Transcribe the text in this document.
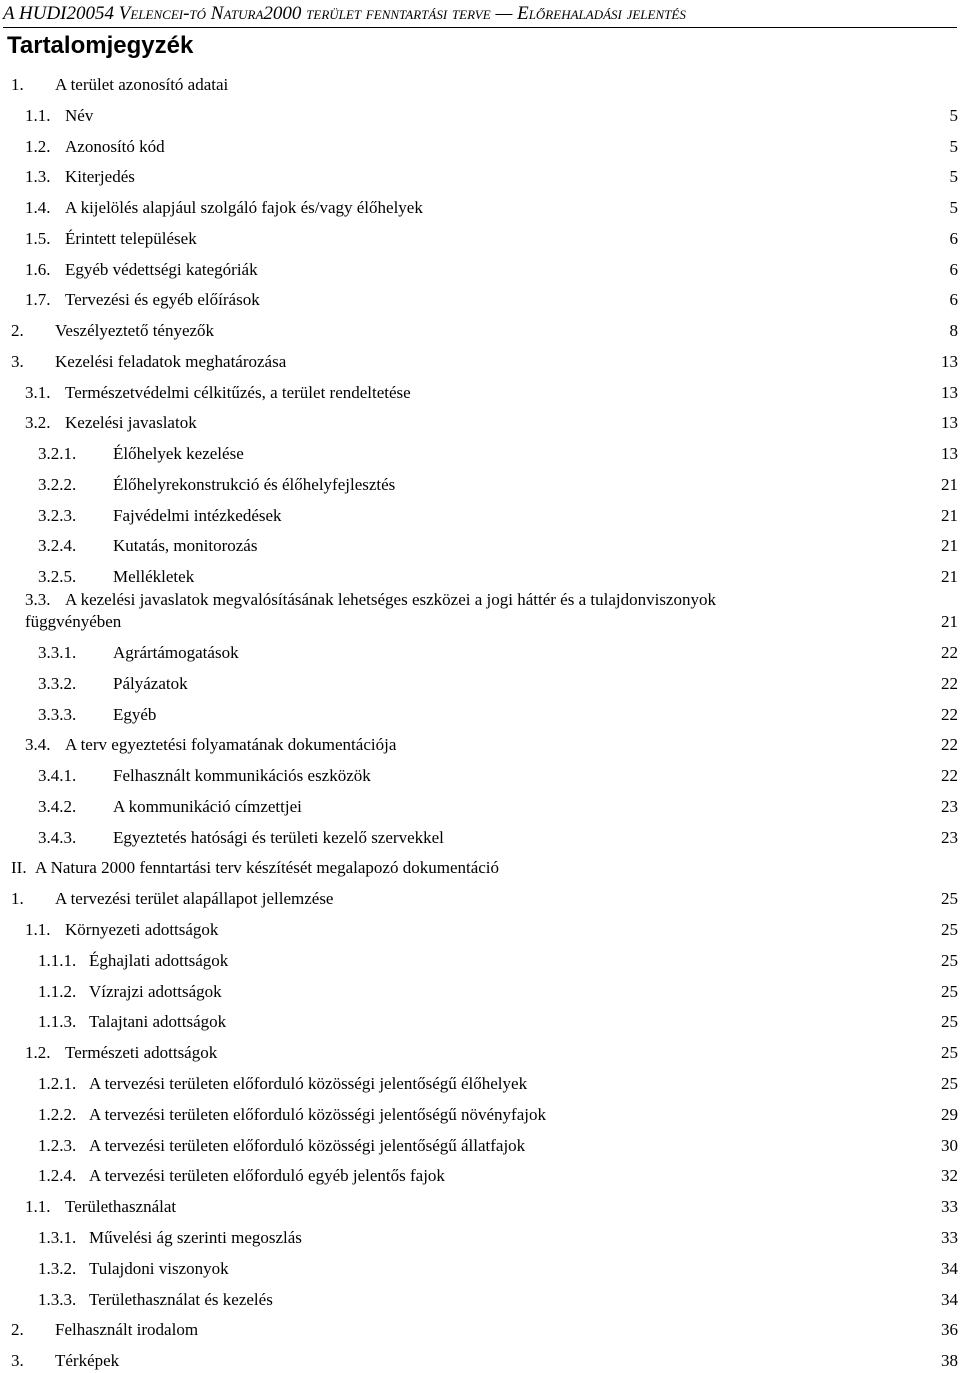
A HUDI20054 Velencei-tó Natura2000 terület fenntartási terve — Előrehaladási jelentés
Tartalomjegyzék
1. A terület azonosító adatai
1.1. Név	5
1.2. Azonosító kód	5
1.3. Kiterjedés	5
1.4. A kijelölés alapjául szolgáló fajok és/vagy élőhelyek	5
1.5. Érintett települések	6
1.6. Egyéb védettségi kategóriák	6
1.7. Tervezési és egyéb előírások	6
2. Veszélyeztető tényezők	8
3. Kezelési feladatok meghatározása	13
3.1. Természetvédelmi célkitűzés, a terület rendeltetése	13
3.2. Kezelési javaslatok	13
3.2.1. Élőhelyek kezelése	13
3.2.2. Élőhelyrekonstrukció és élőhelyfejlesztés	21
3.2.3. Fajvédelmi intézkedések	21
3.2.4. Kutatás, monitorozás	21
3.2.5. Mellékletek	21
3.3. A kezelési javaslatok megvalósításának lehetséges eszközei a jogi háttér és a tulajdonviszonyok
függvényében	21
3.3.1. Agrártámogatások	22
3.3.2. Pályázatok	22
3.3.3. Egyéb	22
3.4. A terv egyeztetési folyamatának dokumentációja	22
3.4.1. Felhasznált kommunikációs eszközök	22
3.4.2. A kommunikáció címzettjei	23
3.4.3. Egyeztetés hatósági és területi kezelő szervekkel	23
II. A Natura 2000 fenntartási terv készítését megalapozó dokumentáció
1. A tervezési terület alapállapot jellemzése	25
1.1. Környezeti adottságok	25
1.1.1. Éghajlati adottságok	25
1.1.2. Vízrajzi adottságok	25
1.1.3. Talajtani adottságok	25
1.2. Természeti adottságok	25
1.2.1. A tervezési területen előforduló közösségi jelentőségű élőhelyek	25
1.2.2. A tervezési területen előforduló közösségi jelentőségű növényfajok	29
1.2.3. A tervezési területen előforduló közösségi jelentőségű állatfajok	30
1.2.4. A tervezési területen előforduló egyéb jelentős fajok	32
1.1. Területhasználat	33
1.3.1. Művelési ág szerinti megoszlás	33
1.3.2. Tulajdoni viszonyok	34
1.3.3. Területhasználat és kezelés	34
2. Felhasznált irodalom	36
3. Térképek	38
